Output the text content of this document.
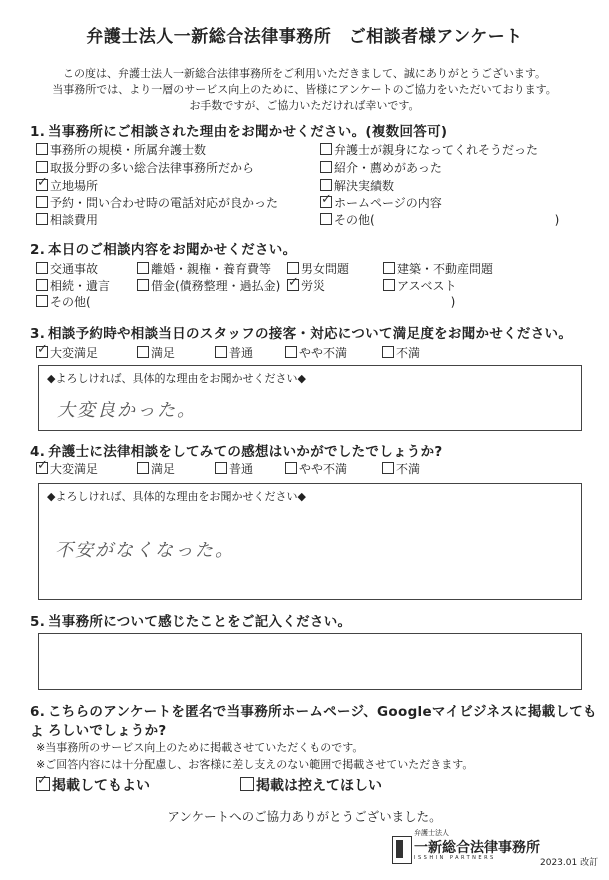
弁護士法人一新総合法律事務所　ご相談者様アンケート
この度は、弁護士法人一新総合法律事務所をご利用いただきまして、誠にありがとうございます。
当事務所では、より一層のサービス向上のために、皆様にアンケートのご協力をいただいております。
お手数ですが、ご協力いただければ幸いです。
1. 当事務所にご相談された理由をお聞かせください。(複数回答可)
事務所の規模・所属弁護士数
取扱分野の多い総合法律事務所だから
✓立地場所
予約・問い合わせ時の電話対応が良かった
相談費用
弁護士が親身になってくれそうだった
紹介・薦めがあった
解決実績数
✓ホームページの内容
その他(　　　　　　　　　　　　　　　)
2. 本日のご相談内容をお聞かせください。
交通事故	離婚・親権・養育費等	男女問題	建築・不動産問題
相続・遺言	借金(債務整理・過払金)
✓	労災	アスベスト
その他(　　　　　　　　　　　　　　　　　　　　　　　　　　　　　　)
3. 相談予約時や相談当日のスタッフの接客・対応について満足度をお聞かせください。
✓大変満足	満足	普通	やや不満	不満
◆よろしければ、具体的な理由をお聞かせください◆
大変良かった。
4. 弁護士に法律相談をしてみての感想はいかがでしたでしょうか?
✓大変満足	満足	普通	やや不満	不満
◆よろしければ、具体的な理由をお聞かせください◆
不安がなくなった。
5. 当事務所について感じたことをご記入ください。
6. こちらのアンケートを匿名で当事務所ホームページ、Googleマイビジネスに掲載してもよ ろしいでしょうか?
※当事務所のサービス向上のために掲載させていただくものです。
※ご回答内容には十分配慮し、お客様に差し支えのない範囲で掲載させていただきます。
✓掲載してもよい	掲載は控えてほしい
アンケートへのご協力ありがとうございました。
弁護士法人
一新総合法律事務所
ISSHIN PARTNERS	2023.01 改訂
